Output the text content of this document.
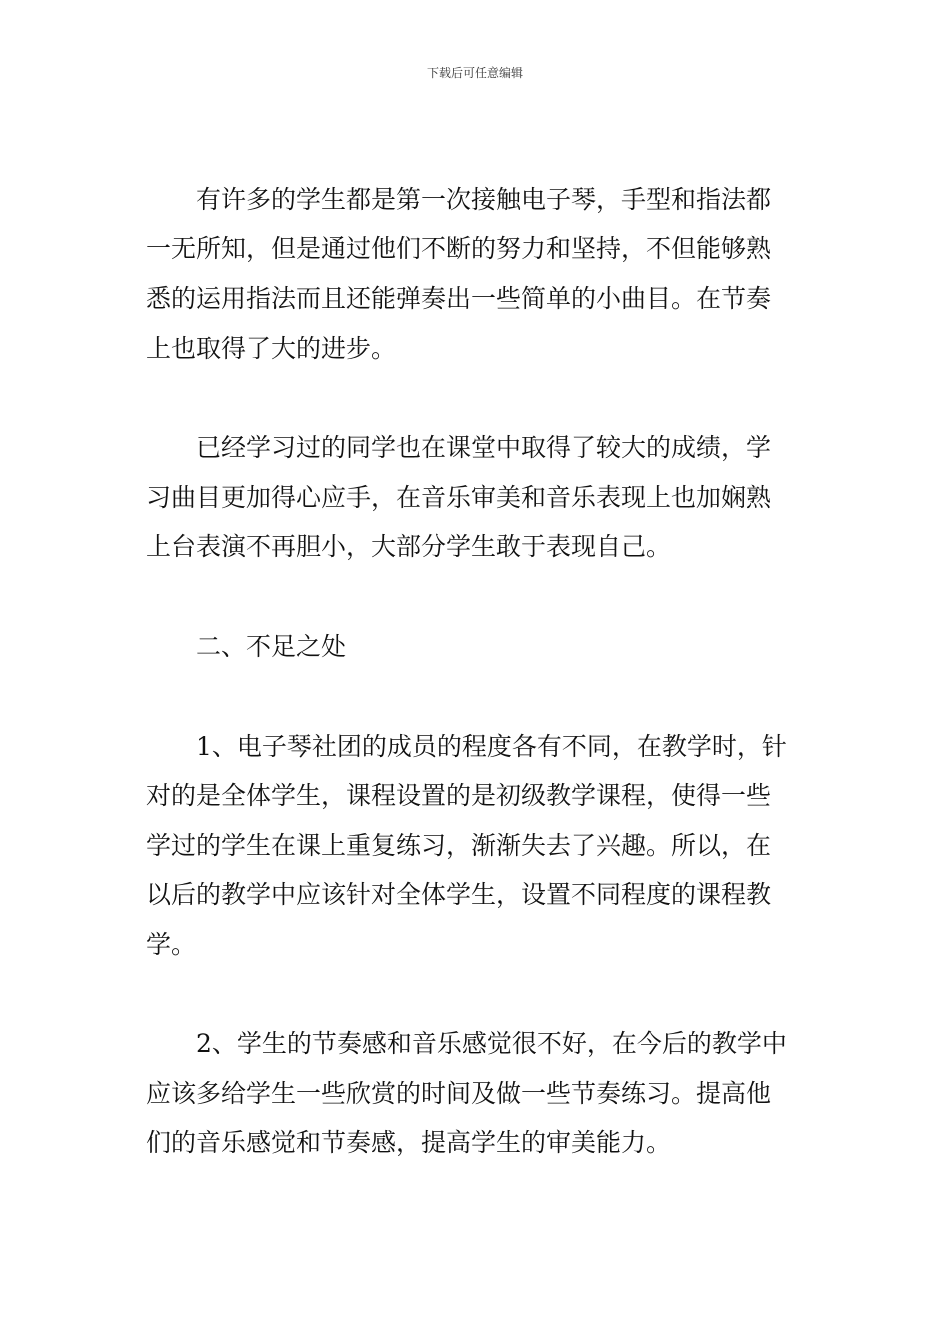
下载后可任意编辑
有许多的学生都是第一次接触电子琴，手型和指法都
一无所知，但是通过他们不断的努力和坚持，不但能够熟
悉的运用指法而且还能弹奏出一些简单的小曲目。在节奏
上也取得了大的进步。
已经学习过的同学也在课堂中取得了较大的成绩，学
习曲目更加得心应手，在音乐审美和音乐表现上也加娴熟
上台表演不再胆小，大部分学生敢于表现自己。
二、不足之处
1、电子琴社团的成员的程度各有不同，在教学时，针
对的是全体学生，课程设置的是初级教学课程，使得一些
学过的学生在课上重复练习，渐渐失去了兴趣。所以，在
以后的教学中应该针对全体学生，设置不同程度的课程教
学。
2、学生的节奏感和音乐感觉很不好，在今后的教学中
应该多给学生一些欣赏的时间及做一些节奏练习。提高他
们的音乐感觉和节奏感，提高学生的审美能力。
